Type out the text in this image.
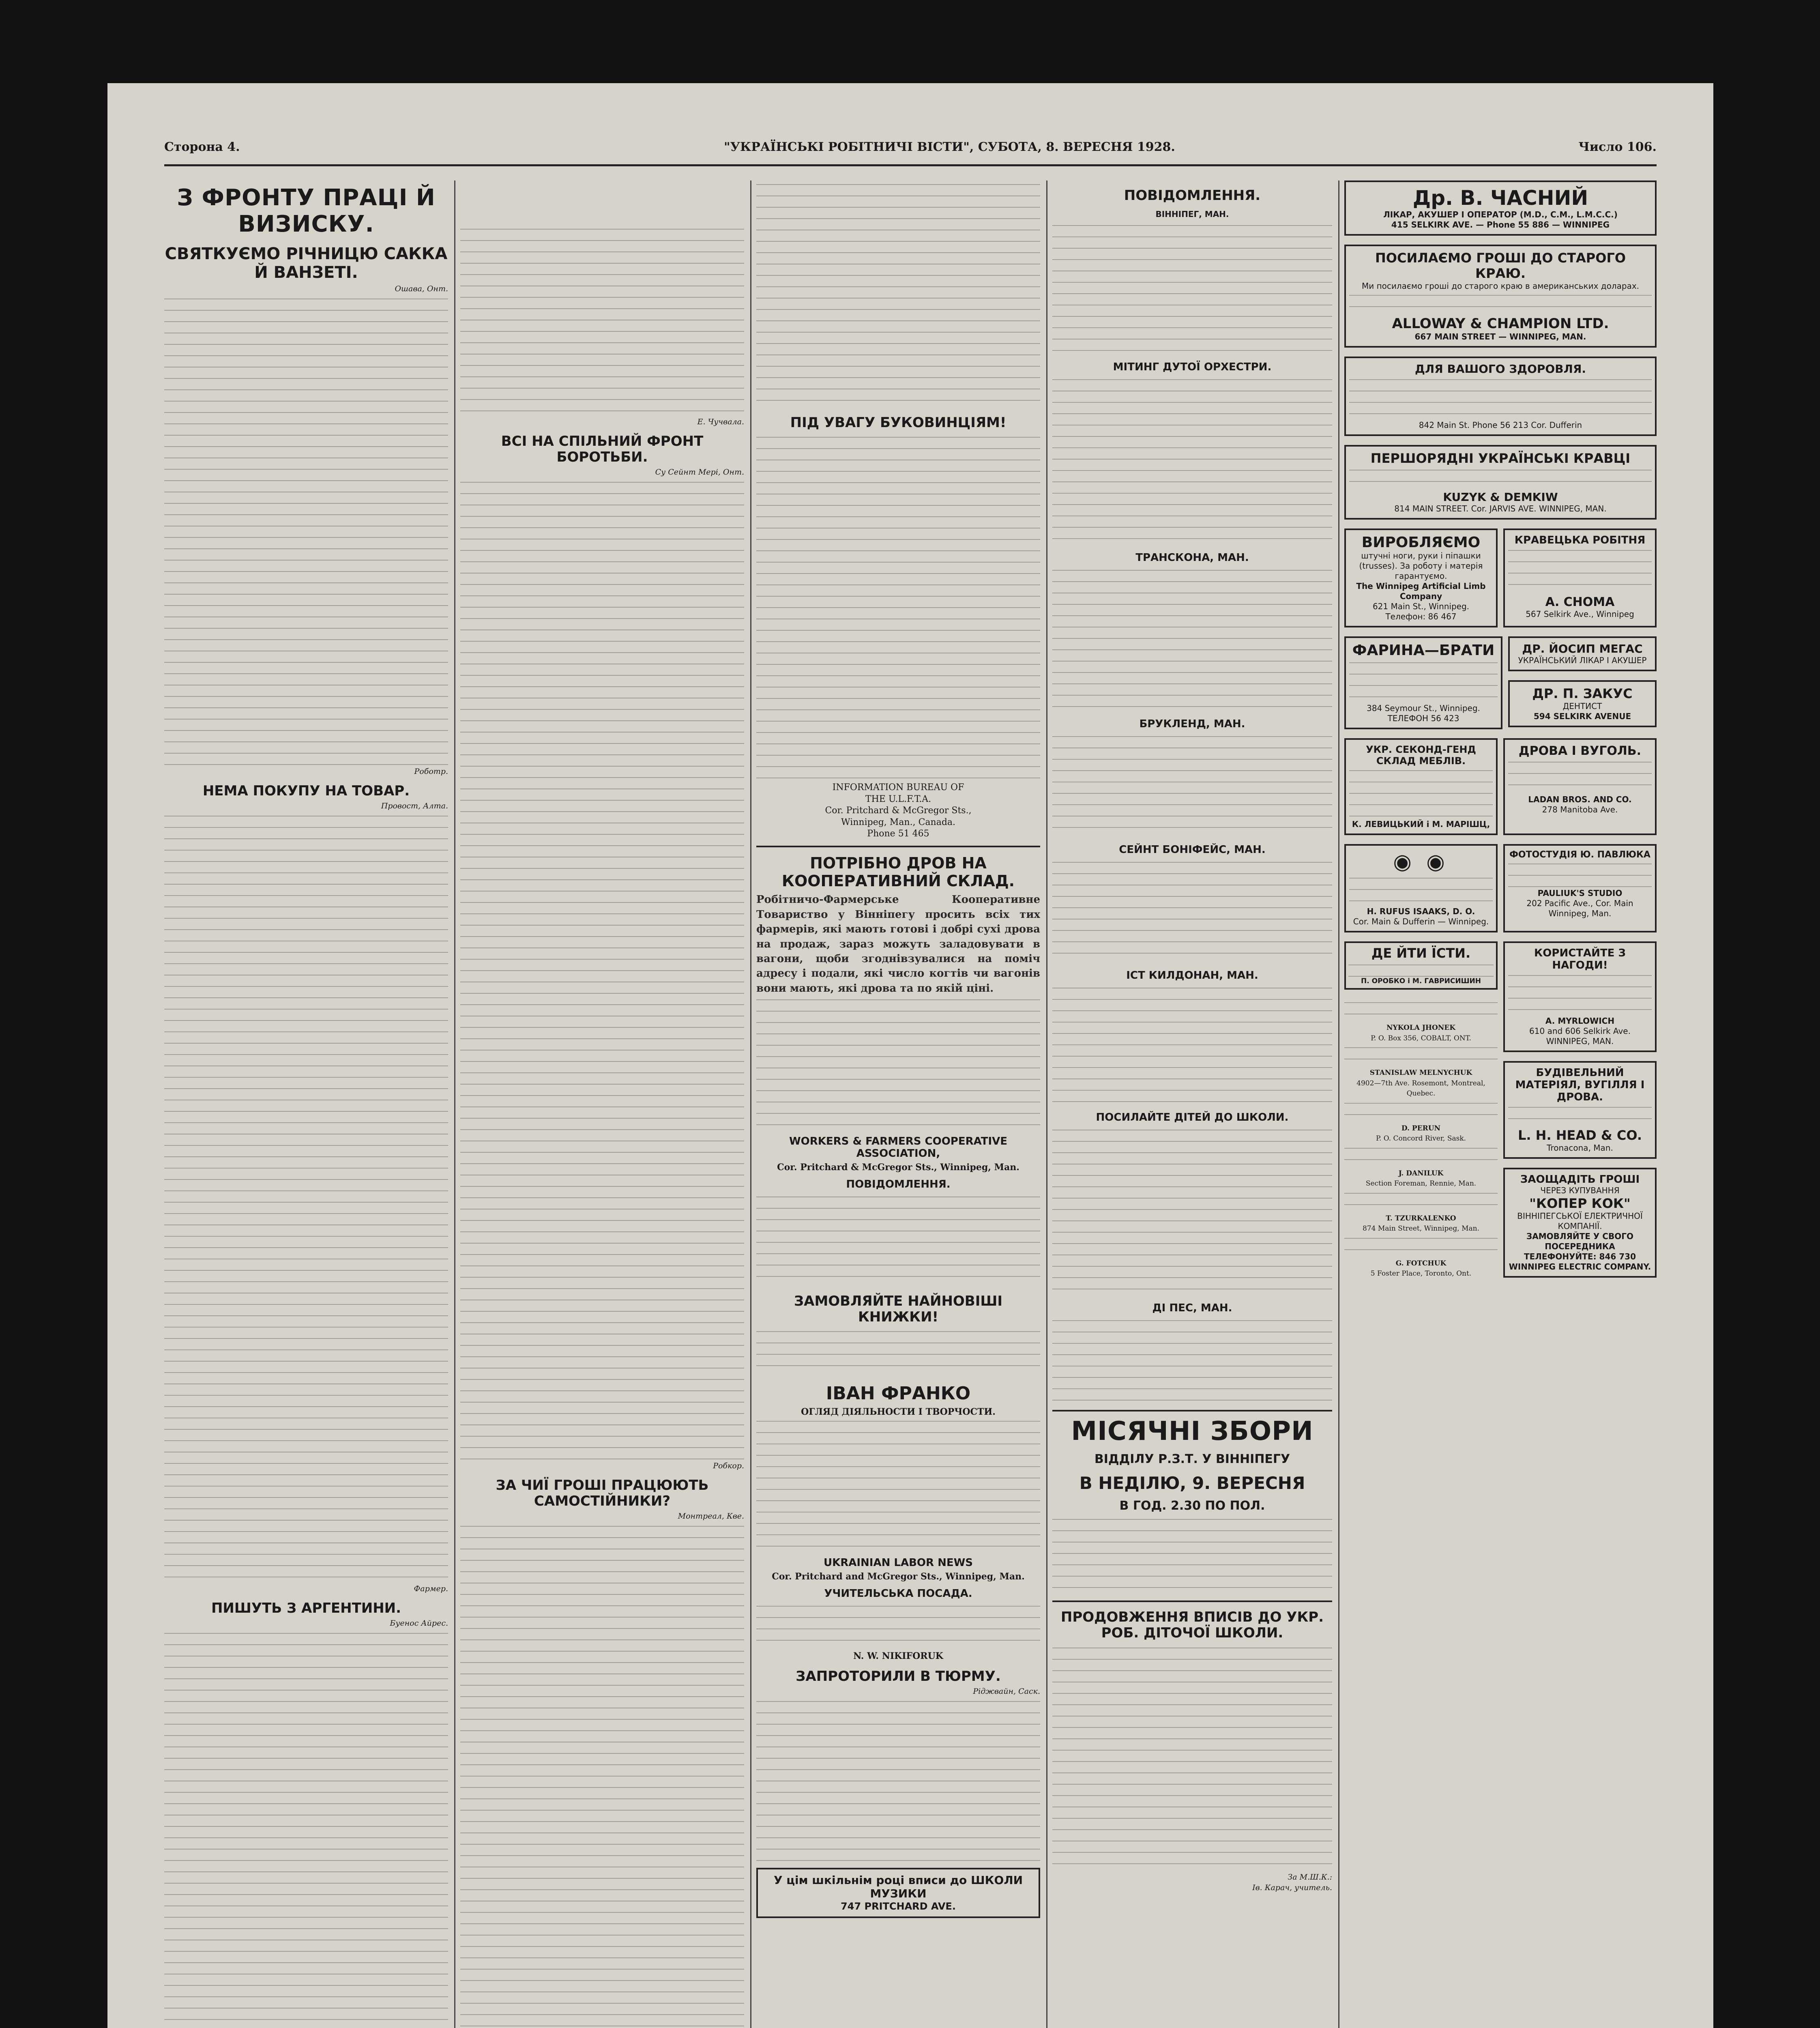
Сторона 4.	"УКРАЇНСЬКІ РОБІТНИЧІ ВІСТИ", СУБОТА, 8. ВЕРЕСНЯ 1928.	Число 106.
З ФРОНТУ ПРАЦІ Й ВИЗИСКУ.
СВЯТКУЄМО РІЧНИЦЮ САККА Й ВАНЗЕТІ.
Ошава, Онт.
Роботр.
НЕМА ПОКУПУ НА ТОВАР.
Провост, Алта.
Фармер.
ПИШУТЬ З АРГЕНТИНИ.
Буенос Айрес.
Е. Чучвала.
ВСІ НА СПІЛЬНИЙ ФРОНТ БОРОТЬБИ.
Су Сейнт Мері, Онт.
Робкор.
ЗА ЧИЇ ГРОШІ ПРАЦЮЮТЬ САМОСТІЙНИКИ?
Монтреал, Кве.
ПІД УВАГУ БУКОВИНЦІЯМ!
INFORMATION BUREAU OF
THE U.L.F.T.A.
Cor. Pritchard & McGregor Sts.,
Winnipeg, Man., Canada.
Phone 51 465
ПОТРІБНО ДРОВ НА КООПЕРАТИВНИЙ СКЛАД.
Робітничо-Фармерське Кооперативне Товариство у Вінніпегу просить всіх тих фармерів, які мають готові і добрі сухі дрова на продаж, зараз можуть заладовувати в вагони, щоби згоднівзувалися на поміч адресу і подали, які число когтів чи вагонів вони мають, які дрова та по якій ціні.
WORKERS & FARMERS COOPERATIVE ASSOCIATION,
Cor. Pritchard & McGregor Sts., Winnipeg, Man.
ПОВІДОМЛЕННЯ.
ЗАМОВЛЯЙТЕ НАЙНОВІШІ КНИЖКИ!
ІВАН ФРАНКО
ОГЛЯД ДІЯЛЬНОСТИ І ТВОРЧОСТИ.
UKRAINIAN LABOR NEWS
Cor. Pritchard and McGregor Sts., Winnipeg, Man.
УЧИТЕЛЬСЬКА ПОСАДА.
N. W. NIKIFORUK
ЗАПРОТОРИЛИ В ТЮРМУ.
Ріджвайн, Саск.
У цім шкільнім році вписи до ШКОЛИ МУЗИКИ
747 PRITCHARD AVE.
ПОВІДОМЛЕННЯ.
ВІННІПЕГ, МАН.
МІТИНГ ДУТОЇ ОРХЕСТРИ.
ТРАНСКОНА, МАН.
БРУКЛЕНД, МАН.
СЕЙНТ БОНІФЕЙС, МАН.
ІСТ КИЛДОНАН, МАН.
ПОСИЛАЙТЕ ДІТЕЙ ДО ШКОЛИ.
ДІ ПЕС, МАН.
МІСЯЧНІ ЗБОРИ
ВІДДІЛУ Р.З.Т. У ВІННІПЕГУ
В НЕДІЛЮ, 9. ВЕРЕСНЯ
В ГОД. 2.30 ПО ПОЛ.
ПРОДОВЖЕННЯ ВПИСІВ ДО УКР. РОБ. ДІТОЧОЇ ШКОЛИ.
За М.Ш.К.:
Ів. Карач, учитель.
Др. В. ЧАСНИЙ
ЛІКАР, АКУШЕР І ОПЕРАТОР (M.D., C.M., L.M.C.C.)
415 SELKIRK AVE. — Phone 55 886 — WINNIPEG
ПОСИЛАЄМО ГРОШІ ДО СТАРОГО КРАЮ.
Ми посилаємо гроші до старого краю в американських доларах.
ALLOWAY & CHAMPION LTD.
667 MAIN STREET — WINNIPEG, MAN.
ДЛЯ ВАШОГО ЗДОРОВЛЯ.
842 Main St. Phone 56 213 Cor. Dufferin
ПЕРШОРЯДНІ УКРАЇНСЬКІ КРАВЦІ
KUZYK & DEMKIW
814 MAIN STREET. Cor. JARVIS AVE. WINNIPEG, MAN.
ВИРОБЛЯЄМО
штучні ноги, руки і піпашки (trusses). За роботу і матерія гарантуємо.
The Winnipeg Artificial Limb Company
621 Main St., Winnipeg.
Телефон: 86 467
КРАВЕЦЬКА РОБІТНЯ
А. СНОМА
567 Selkirk Ave., Winnipeg
ФАРИНА—БРАТИ
384 Seymour St., Winnipeg.
ТЕЛЕФОН 56 423
ДР. ЙОСИП МЕГАС
УКРАЇНСЬКИЙ ЛІКАР І АКУШЕР
ДР. П. ЗАКУС
ДЕНТИСТ
594 SELKIRK AVENUE
УКР. СЕКОНД-ГЕНД СКЛАД МЕБЛІВ.
К. ЛЕВИЦЬКИЙ і М. МАРІШЦ,
ДРОВА І ВУГОЛЬ.
LADAN BROS. AND CO.
278 Manitoba Ave.
◉ ◉
H. RUFUS ISAAKS, D. O.
Cor. Main & Dufferin — Winnipeg.
ФОТОСТУДІЯ Ю. ПАВЛЮКА
PAULIUK'S STUDIO
202 Pacific Ave., Cor. Main Winnipeg, Man.
ДЕ ЙТИ ЇСТИ.
П. ОРОБКО і М. ГАВРИСИШИН
NYKOLA JHONEK
P. O. Box 356, COBALT, ONT.
STANISLAW MELNYCHUK
4902—7th Ave. Rosemont, Montreal, Quebec.
D. PERUN
P. O. Concord River, Sask.
J. DANILUK
Section Foreman, Rennie, Man.
T. TZURKALENKO
874 Main Street, Winnipeg, Man.
G. FOTCHUK
5 Foster Place, Toronto, Ont.
КОРИСТАЙТЕ З НАГОДИ!
A. MYRLOWICH
610 and 606 Selkirk Ave. WINNIPEG, MAN.
БУДІВЕЛЬНИЙ МАТЕРІЯЛ, ВУГІЛЛЯ І ДРОВА.
L. H. HEAD & CO.
Tronacona, Man.
ЗАОЩАДІТЬ ГРОШІ
ЧЕРЕЗ КУПУВАННЯ
"КОПЕР КОК"
ВІННІПЕГСЬКОЇ ЕЛЕКТРИЧНОЇ КОМПАНІЇ.
ЗАМОВЛЯЙТЕ У СВОГО ПОСЕРЕДНИКА
ТЕЛЕФОНУЙТЕ: 846 730
WINNIPEG ELECTRIC COMPANY.
